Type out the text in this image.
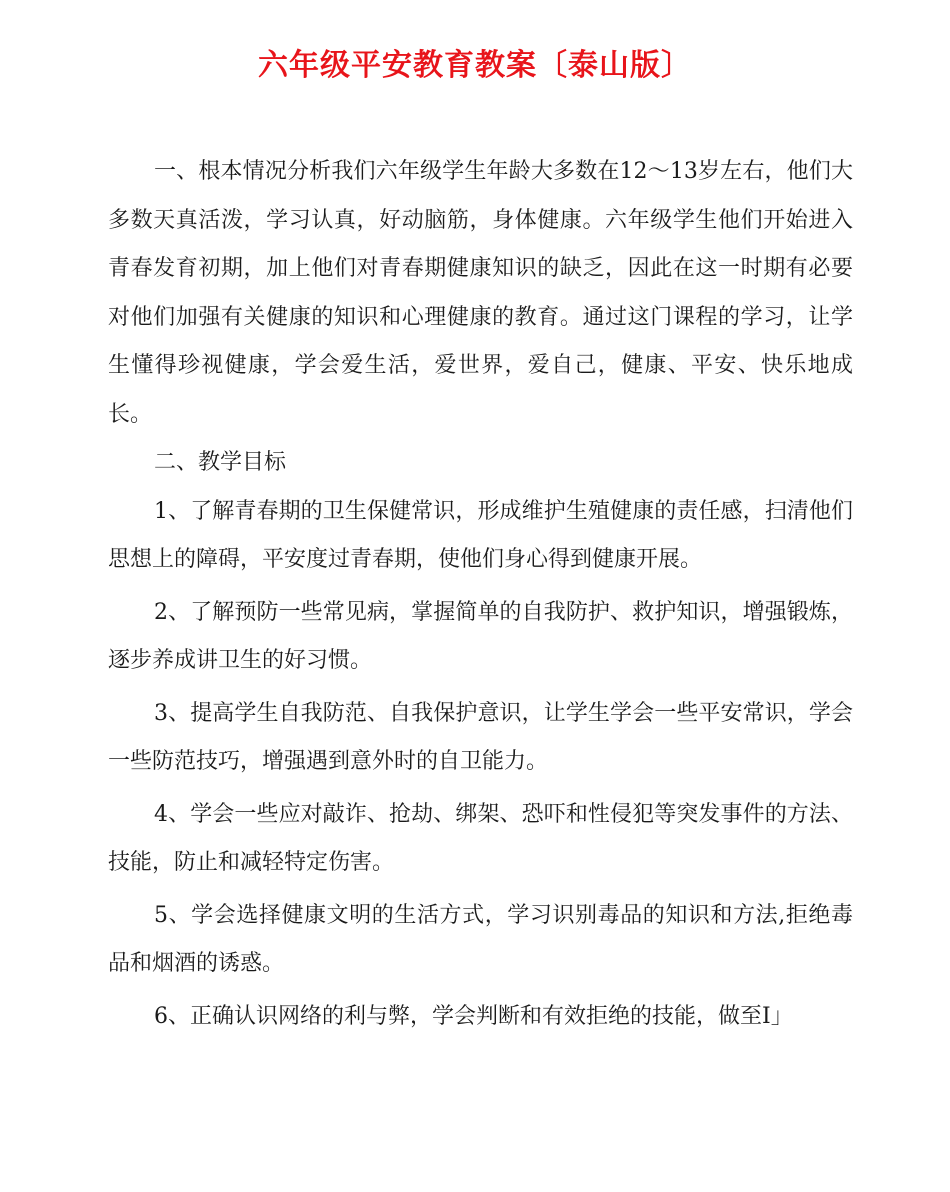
六年级平安教育教案〔泰山版〕

一、根本情况分析我们六年级学生年龄大多数在12〜13岁左右，他们大多数天真活泼，学习认真，好动脑筋，身体健康。六年级学生他们开始进入青春发育初期，加上他们对青春期健康知识的缺乏，因此在这一时期有必要对他们加强有关健康的知识和心理健康的教育。通过这门课程的学习，让学生懂得珍视健康，学会爱生活，爱世界，爱自己，健康、平安、快乐地成长。

二、教学目标

1、了解青春期的卫生保健常识，形成维护生殖健康的责任感，扫清他们思想上的障碍，平安度过青春期，使他们身心得到健康开展。

2、了解预防一些常见病，掌握简单的自我防护、救护知识，增强锻炼，逐步养成讲卫生的好习惯。

3、提高学生自我防范、自我保护意识，让学生学会一些平安常识，学会一些防范技巧，增强遇到意外时的自卫能力。

4、学会一些应对敲诈、抢劫、绑架、恐吓和性侵犯等突发事件的方法、技能，防止和减轻特定伤害。

5、学会选择健康文明的生活方式，学习识别毒品的知识和方法,拒绝毒品和烟酒的诱惑。

6、正确认识网络的利与弊，学会判断和有效拒绝的技能，做至I」
